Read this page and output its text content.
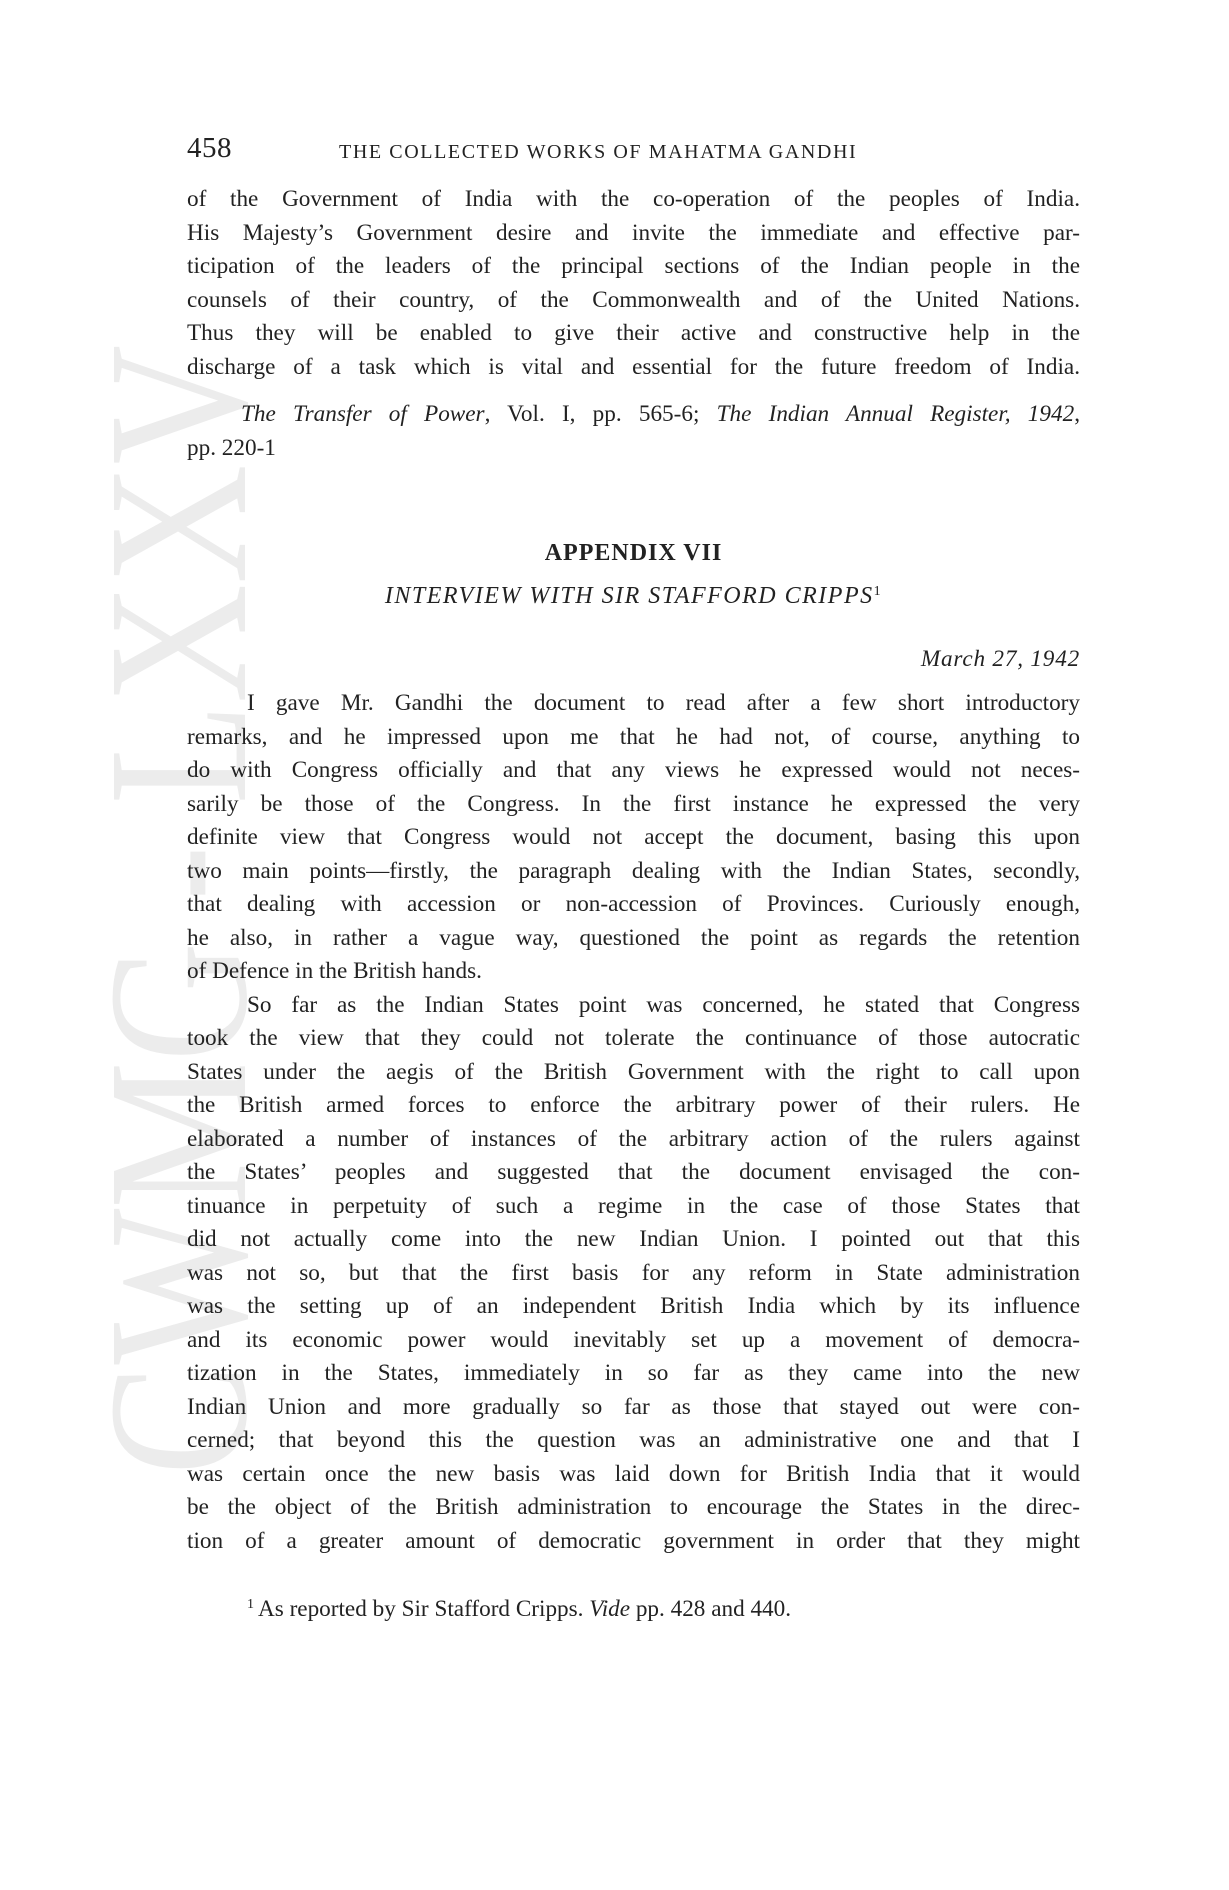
CWMG LX
458	THE COLLECTED WORKS OF MAHATMA GANDHI

of the Government of India with the co-operation of the peoples of India.

His Majesty’s Government desire and invite the immediate and effective par-

ticipation of the leaders of the principal sections of the Indian people in the

counsels of their country, of the Commonwealth and of the United Nations.

Thus they will be enabled to give their active and constructive help in the

discharge of a task which is vital and essential for the future freedom of India.

The Transfer of Power, Vol. I, pp. 565-6; The Indian Annual Register, 1942,
pp. 220-1
APPENDIX VII
INTERVIEW WITH SIR STAFFORD CRIPPS$^1$
March 27, 1942

I gave Mr. Gandhi the document to read after a few short introductory

remarks, and he impressed upon me that he had not, of course, anything to

do with Congress officially and that any views he expressed would not neces-

sarily be those of the Congress. In the first instance he expressed the very

definite view that Congress would not accept the document, basing this upon

two main points—firstly, the paragraph dealing with the Indian States, secondly,

that dealing with accession or non-accession of Provinces. Curiously enough,

he also, in rather a vague way, questioned the point as regards the retention

of Defence in the British hands.

So far as the Indian States point was concerned, he stated that Congress

took the view that they could not tolerate the continuance of those autocratic

States under the aegis of the British Government with the right to call upon

the British armed forces to enforce the arbitrary power of their rulers. He

elaborated a number of instances of the arbitrary action of the rulers against

the States’ peoples and suggested that the document envisaged the con-

tinuance in perpetuity of such a regime in the case of those States that

did not actually come into the new Indian Union. I pointed out that this

was not so, but that the first basis for any reform in State administration

was the setting up of an independent British India which by its influence

and its economic power would inevitably set up a movement of democra-

tization in the States, immediately in so far as they came into the new

Indian Union and more gradually so far as those that stayed out were con-

cerned; that beyond this the question was an administrative one and that I

was certain once the new basis was laid down for British India that it would

be the object of the British administration to encourage the States in the direc-

tion of a greater amount of democratic government in order that they might

$^1$ As reported by Sir Stafford Cripps. Vide pp. 428 and 440.
